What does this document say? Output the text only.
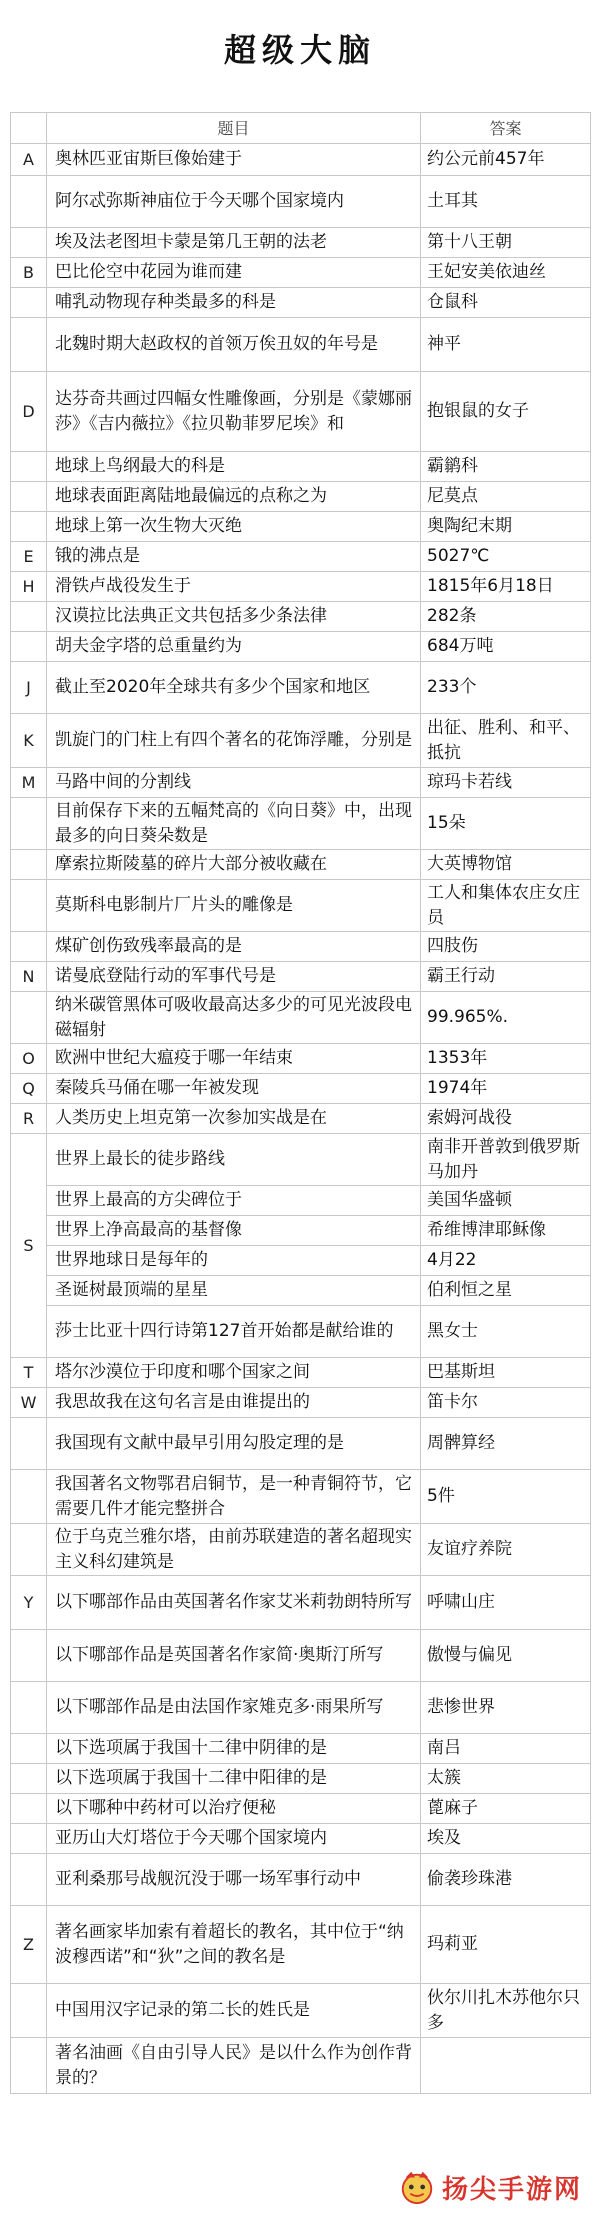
超级大脑
	题目	答案
A	奥林匹亚宙斯巨像始建于	约公元前457年
	阿尔忒弥斯神庙位于今天哪个国家境内	土耳其
	埃及法老图坦卡蒙是第几王朝的法老	第十八王朝
B	巴比伦空中花园为谁而建	王妃安美依迪丝
	哺乳动物现存种类最多的科是	仓鼠科
	北魏时期大赵政权的首领万俟丑奴的年号是	神平
D	达芬奇共画过四幅女性雕像画，分别是《蒙娜丽莎》《吉内薇拉》《拉贝勒菲罗尼埃》和	抱银鼠的女子
	地球上鸟纲最大的科是	霸鹟科
	地球表面距离陆地最偏远的点称之为	尼莫点
	地球上第一次生物大灭绝	奥陶纪末期
E	锇的沸点是	5027℃
H	滑铁卢战役发生于	1815年6月18日
	汉谟拉比法典正文共包括多少条法律	282条
	胡夫金字塔的总重量约为	684万吨
J	截止至2020年全球共有多少个国家和地区	233个
K	凯旋门的门柱上有四个著名的花饰浮雕，分别是	出征、胜利、和平、抵抗
M	马路中间的分割线	琼玛卡若线
	目前保存下来的五幅梵高的《向日葵》中，出现最多的向日葵朵数是	15朵
	摩索拉斯陵墓的碎片大部分被收藏在	大英博物馆
	莫斯科电影制片厂片头的雕像是	工人和集体农庄女庄员
	煤矿创伤致残率最高的是	四肢伤
N	诺曼底登陆行动的军事代号是	霸王行动
	纳米碳管黑体可吸收最高达多少的可见光波段电磁辐射	99.965%.
O	欧洲中世纪大瘟疫于哪一年结束	1353年
Q	秦陵兵马俑在哪一年被发现	1974年
R	人类历史上坦克第一次参加实战是在	索姆河战役
S	世界上最长的徒步路线	南非开普敦到俄罗斯马加丹
	世界上最高的方尖碑位于	美国华盛顿
	世界上净高最高的基督像	希维博津耶稣像
	世界地球日是每年的	4月22
	圣诞树最顶端的星星	伯利恒之星
	莎士比亚十四行诗第127首开始都是献给谁的	黑女士
T	塔尔沙漠位于印度和哪个国家之间	巴基斯坦
W	我思故我在这句名言是由谁提出的	笛卡尔
	我国现有文献中最早引用勾股定理的是	周髀算经
	我国著名文物鄂君启铜节，是一种青铜符节，它需要几件才能完整拼合	5件
	位于乌克兰雅尔塔，由前苏联建造的著名超现实主义科幻建筑是	友谊疗养院
Y	以下哪部作品由英国著名作家艾米莉勃朗特所写	呼啸山庄
	以下哪部作品是英国著名作家简·奥斯汀所写	傲慢与偏见
	以下哪部作品是由法国作家雉克多·雨果所写	悲惨世界
	以下选项属于我国十二律中阴律的是	南吕
	以下选项属于我国十二律中阳律的是	太簇
	以下哪种中药材可以治疗便秘	蓖麻子
	亚历山大灯塔位于今天哪个国家境内	埃及
	亚利桑那号战舰沉没于哪一场军事行动中	偷袭珍珠港
Z	著名画家毕加索有着超长的教名，其中位于“纳波穆西诺”和“狄”之间的教名是	玛莉亚
	中国用汉字记录的第二长的姓氏是	伙尔川扎木苏他尔只多
	著名油画《自由引导人民》是以什么作为创作背景的？	
扬尖手游网
